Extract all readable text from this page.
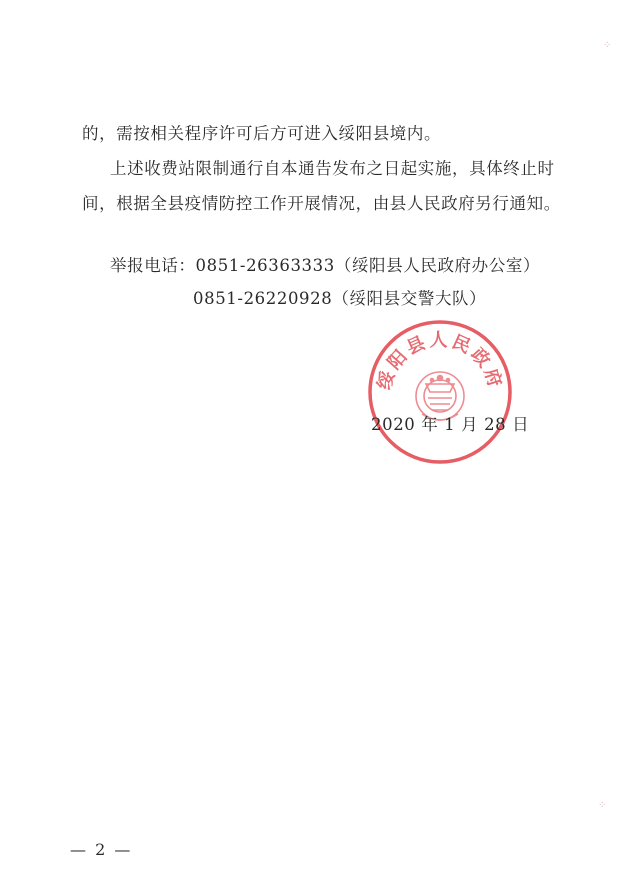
的，需按相关程序许可后方可进入绥阳县境内。
上述收费站限制通行自本通告发布之日起实施，具体终止时
间，根据全县疫情防控工作开展情况，由县人民政府另行通知。
举报电话：0851-26363333（绥阳县人民政府办公室）
0851-26220928（绥阳县交警大队）
绥阳县人民政府
2020 年 1 月 28 日
— 2 —
⁘
⁘
